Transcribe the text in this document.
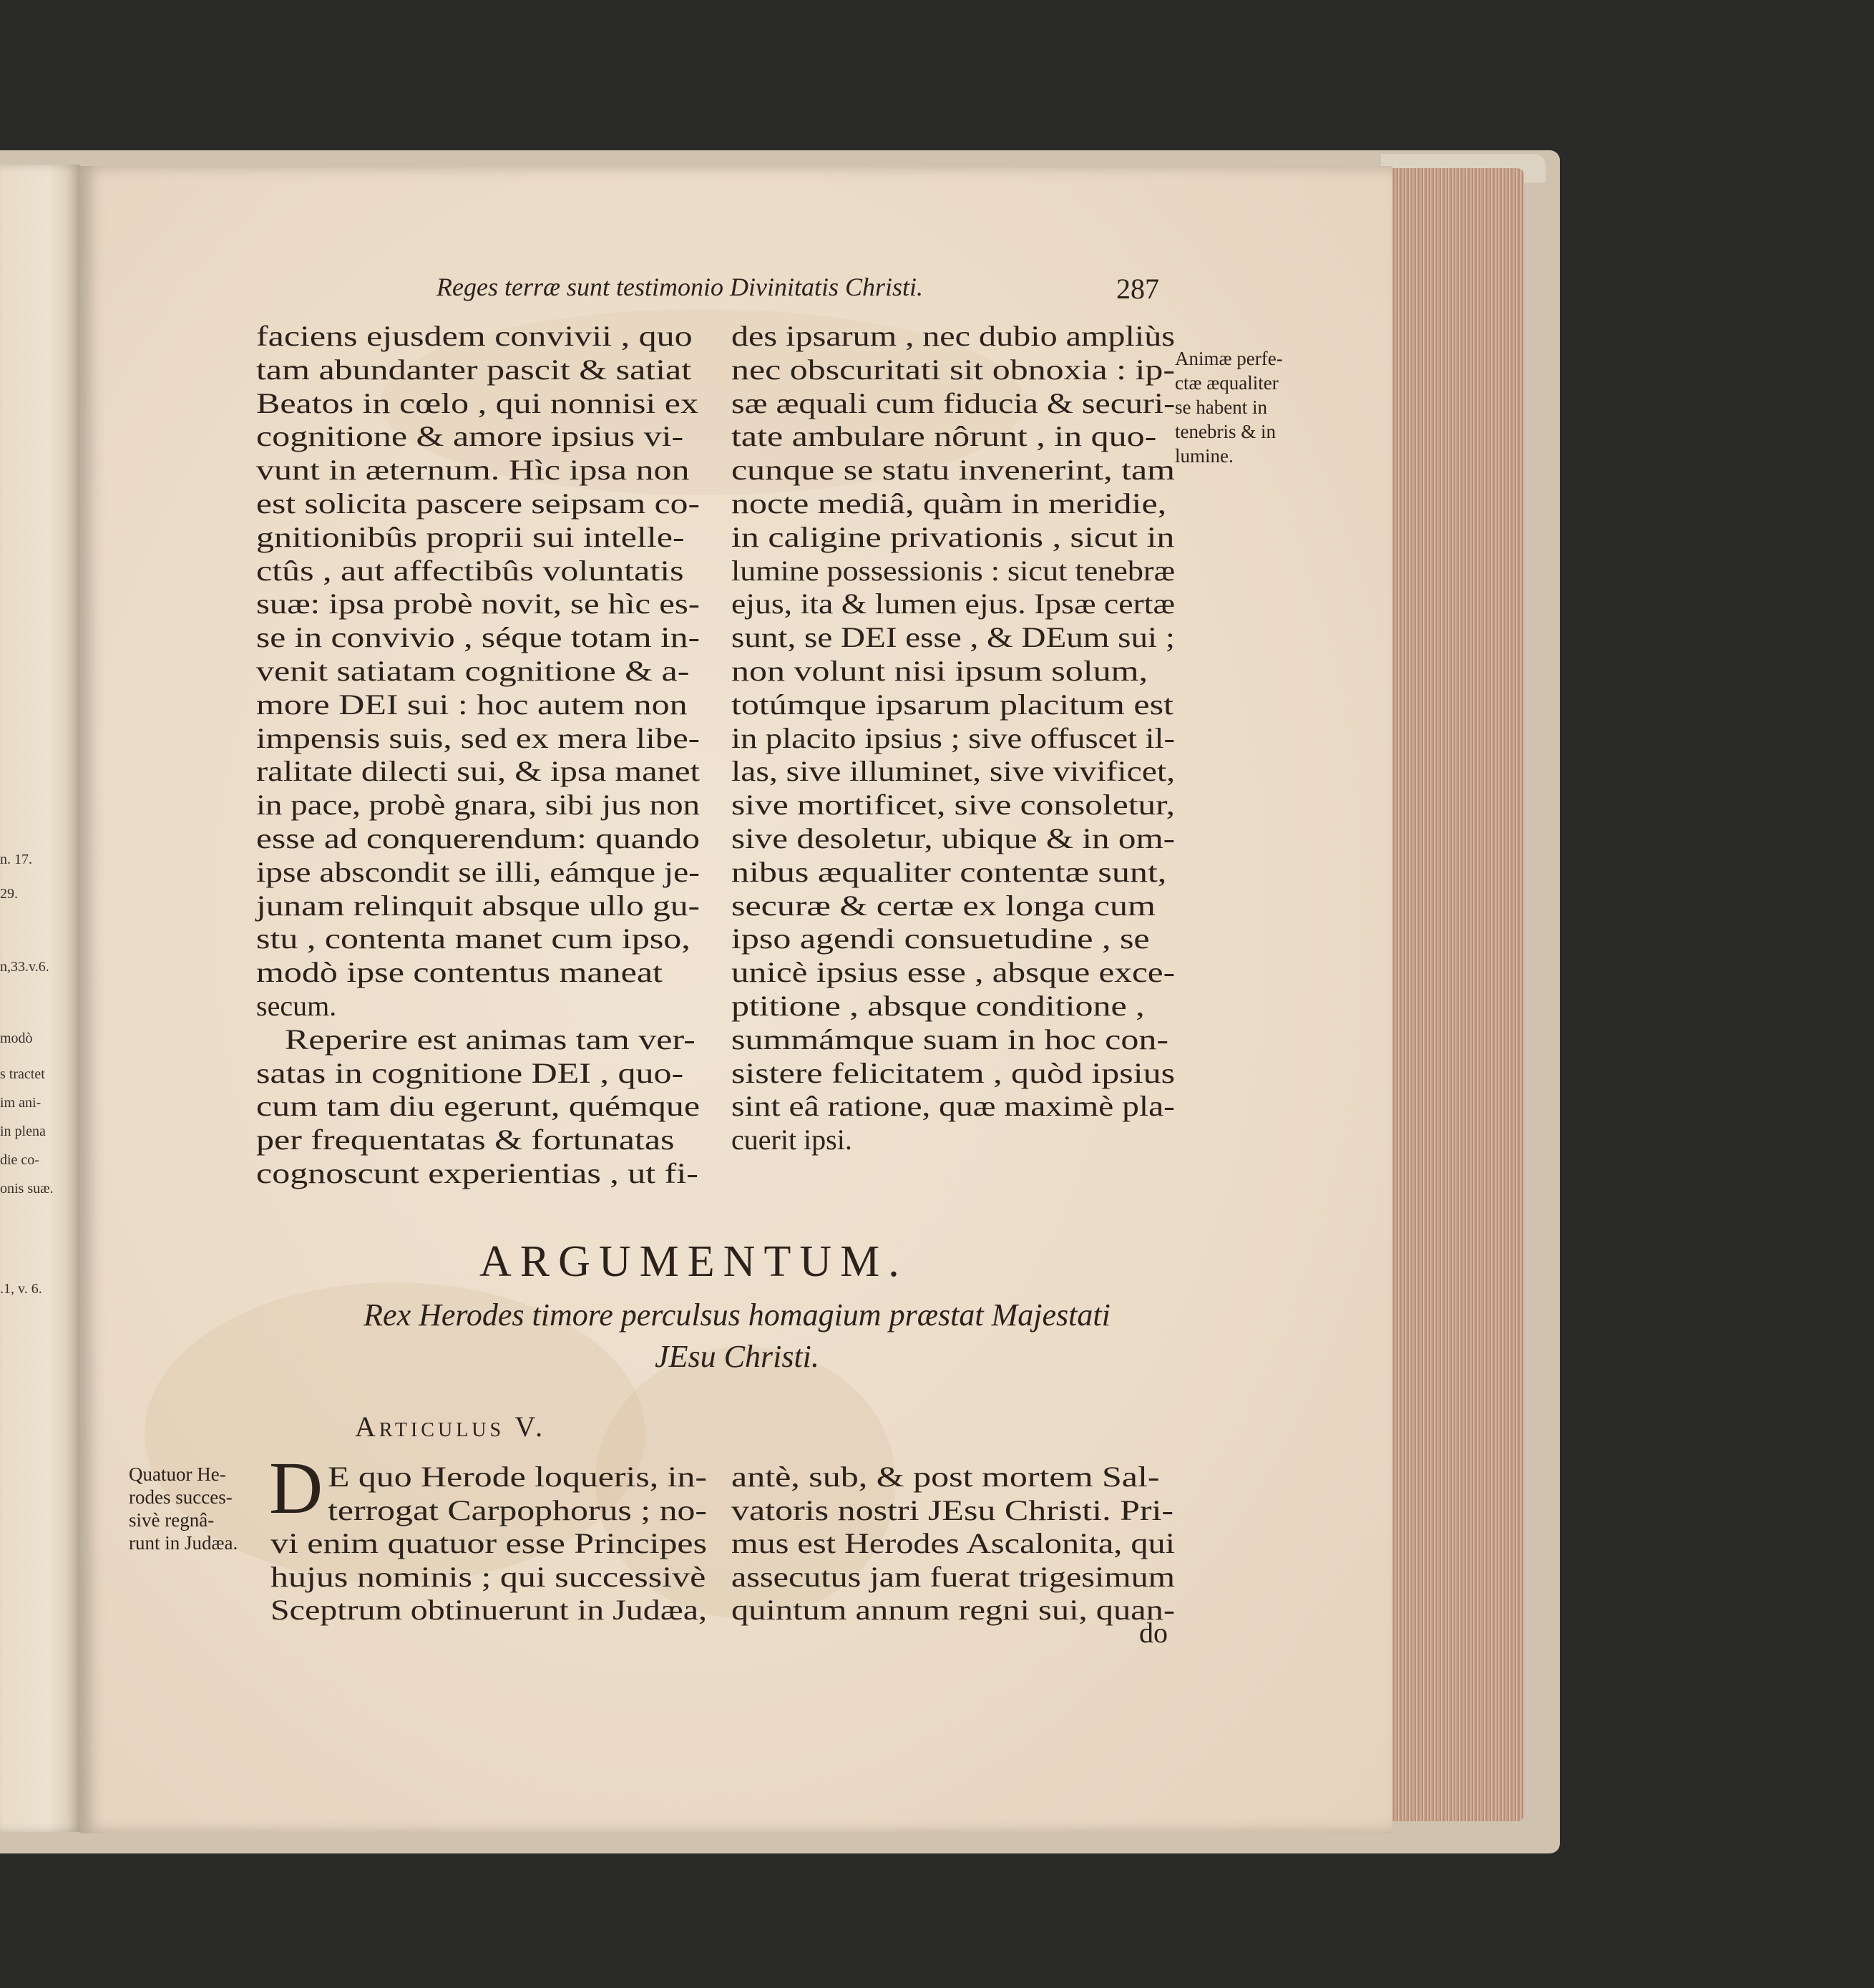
n. 17.
29.
n,33.v.6.
modò
s tractet
im ani-
in plena
die co-
onis suæ.
.1, v. 6.
Reges terræ sunt testimonio Divinitatis Christi.	287
faciens ejusdem convivii , quo
tam abundanter pascit & satiat
Beatos in cœlo , qui nonnisi ex
cognitione & amore ipsius vi-
vunt in æternum. Hìc ipsa non
est solicita pascere seipsam co-
gnitionibûs proprii sui intelle-
ctûs , aut affectibûs voluntatis
suæ: ipsa probè novit, se hìc es-
se in convivio , séque totam in-
venit satiatam cognitione & a-
more DEI sui : hoc autem non
impensis suis, sed ex mera libe-
ralitate dilecti sui, & ipsa manet
in pace, probè gnara, sibi jus non
esse ad conquerendum: quando
ipse abscondit se illi, eámque je-
junam relinquit absque ullo gu-
stu , contenta manet cum ipso,
modò ipse contentus maneat
secum.
Reperire est animas tam ver-
satas in cognitione DEI , quo-
cum tam diu egerunt, quémque
per frequentatas & fortunatas
cognoscunt experientias , ut fi-
des ipsarum , nec dubio ampliùs
nec obscuritati sit obnoxia : ip-
sæ æquali cum fiducia & securi-
tate ambulare nôrunt , in quo-
cunque se statu invenerint, tam
nocte mediâ, quàm in meridie,
in caligine privationis , sicut in
lumine possessionis : sicut tenebræ
ejus, ita & lumen ejus. Ipsæ certæ
sunt, se DEI esse , & DEum sui ;
non volunt nisi ipsum solum,
totúmque ipsarum placitum est
in placito ipsius ; sive offuscet il-
las, sive illuminet, sive vivificet,
sive mortificet, sive consoletur,
sive desoletur, ubique & in om-
nibus æqualiter contentæ sunt,
securæ & certæ ex longa cum
ipso agendi consuetudine , se
unicè ipsius esse , absque exce-
ptitione , absque conditione ,
summámque suam in hoc con-
sistere felicitatem , quòd ipsius
sint eâ ratione, quæ maximè pla-
cuerit ipsi.
Animæ perfe-
ctæ æqualiter
se habent in
tenebris & in
lumine.
ARGUMENTUM.
Rex Herodes timore perculsus homagium præstat Majestati
JEsu Christi.
Articulus V.
Quatuor He-
rodes succes-
sivè regnâ-
runt in Judæa.
D E quo Herode loqueris, in-
terrogat Carpophorus ; no-
vi enim quatuor esse Principes
hujus nominis ; qui successivè
Sceptrum obtinuerunt in Judæa,
antè, sub, & post mortem Sal-
vatoris nostri JEsu Christi. Pri-
mus est Herodes Ascalonita, qui
assecutus jam fuerat trigesimum
quintum annum regni sui, quan-
do
